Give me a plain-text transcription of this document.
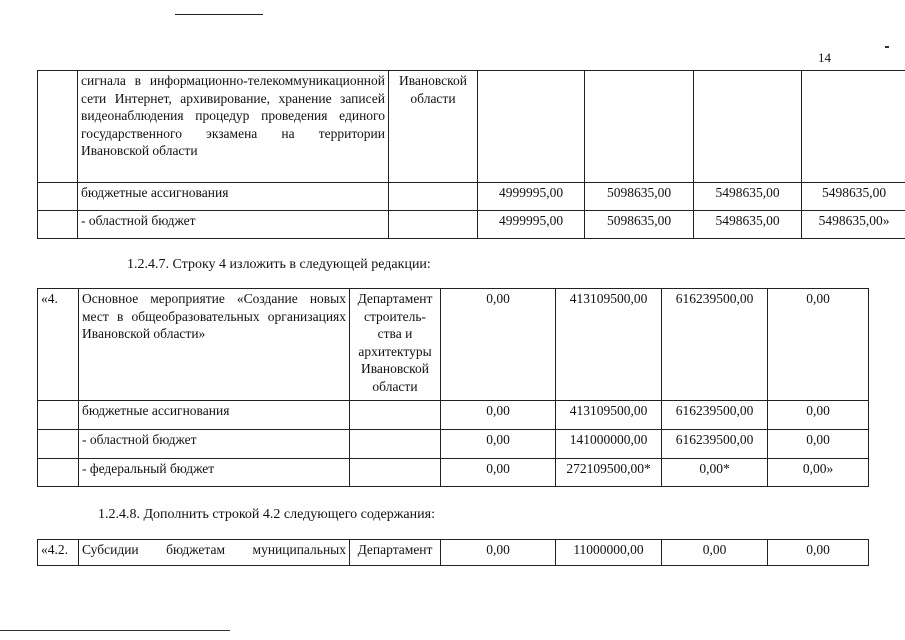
14
	сигнала в информационно-телекоммуникационной сети Интернет, архивирование, хранение записей видеонаблюдения процедур проведения единого государственного экзамена на территории Ивановской области	Ивановской области				
	бюджетные ассигнования		4999995,00	5098635,00	5498635,00	5498635,00
	- областной бюджет		4999995,00	5098635,00	5498635,00	5498635,00»
1.2.4.7. Строку 4 изложить в следующей редакции:
«4.	Основное мероприятие «Создание новых мест в общеобразовательных организациях Ивановской области»	Департамент строитель-ства и архитектуры Ивановской области	0,00	413109500,00	616239500,00	0,00
	бюджетные ассигнования		0,00	413109500,00	616239500,00	0,00
	- областной бюджет		0,00	141000000,00	616239500,00	0,00
	- федеральный бюджет		0,00	272109500,00*	0,00*	0,00»
1.2.4.8. Дополнить строкой 4.2 следующего содержания:
«4.2.	Субсидии бюджетам муниципальных	Департамент	0,00	11000000,00	0,00	0,00
